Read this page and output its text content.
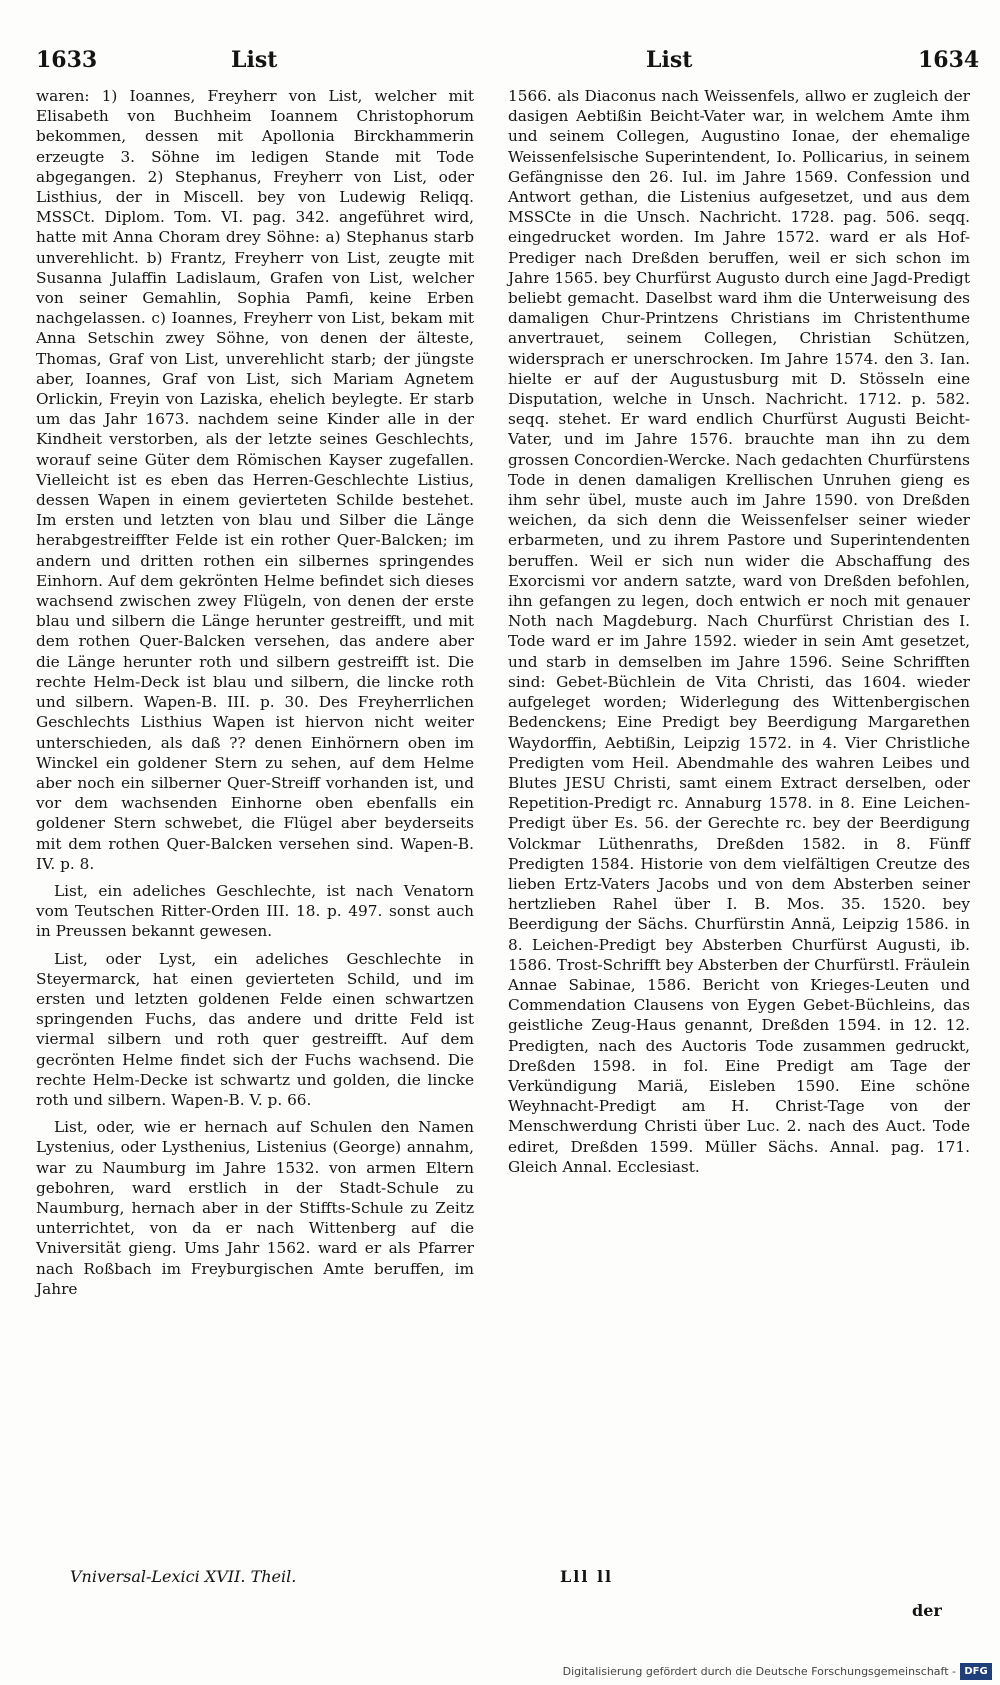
1633	List	List	1634

waren: 1) Ioannes, Freyherr von List, welcher mit Elisabeth von Buchheim Ioannem Christophorum bekommen, dessen mit Apollonia Birckhammerin erzeugte 3. Söhne im ledigen Stande mit Tode abgegangen. 2) Stephanus, Freyherr von List, oder Listhius, der in Miscell. bey von Ludewig Reliqq. MSSCt. Diplom. Tom. VI. pag. 342. angeführet wird, hatte mit Anna Choram drey Söhne: a) Stephanus starb unverehlicht. b) Frantz, Freyherr von List, zeugte mit Susanna Julaffin Ladislaum, Grafen von List, welcher von seiner Gemahlin, Sophia Pamfi, keine Erben nachgelassen. c) Ioannes, Freyherr von List, bekam mit Anna Setschin zwey Söhne, von denen der älteste, Thomas, Graf von List, unverehlicht starb; der jüngste aber, Ioannes, Graf von List, sich Mariam Agnetem Orlickin, Freyin von Laziska, ehelich beylegte. Er starb um das Jahr 1673. nachdem seine Kinder alle in der Kindheit verstorben, als der letzte seines Geschlechts, worauf seine Güter dem Römischen Kayser zugefallen. Vielleicht ist es eben das Herren-Geschlechte Listius, dessen Wapen in einem gevierteten Schilde bestehet. Im ersten und letzten von blau und Silber die Länge herabgestreiffter Felde ist ein rother Quer-Balcken; im andern und dritten rothen ein silbernes springendes Einhorn. Auf dem gekrönten Helme befindet sich dieses wachsend zwischen zwey Flügeln, von denen der erste blau und silbern die Länge herunter gestreifft, und mit dem rothen Quer-Balcken versehen, das andere aber die Länge herunter roth und silbern gestreifft ist. Die rechte Helm-Deck ist blau und silbern, die lincke roth und silbern. Wapen-B. III. p. 30. Des Freyherrlichen Geschlechts Listhius Wapen ist hiervon nicht weiter unterschieden, als daß ?? denen Einhörnern oben im Winckel ein goldener Stern zu sehen, auf dem Helme aber noch ein silberner Quer-Streiff vorhanden ist, und vor dem wachsenden Einhorne oben ebenfalls ein goldener Stern schwebet, die Flügel aber beyderseits mit dem rothen Quer-Balcken versehen sind. Wapen-B. IV. p. 8.

List, ein adeliches Geschlechte, ist nach Venatorn vom Teutschen Ritter-Orden III. 18. p. 497. sonst auch in Preussen bekannt gewesen.

List, oder Lyst, ein adeliches Geschlechte in Steyermarck, hat einen gevierteten Schild, und im ersten und letzten goldenen Felde einen schwartzen springenden Fuchs, das andere und dritte Feld ist viermal silbern und roth quer gestreifft. Auf dem gecrönten Helme findet sich der Fuchs wachsend. Die rechte Helm-Decke ist schwartz und golden, die lincke roth und silbern. Wapen-B. V. p. 66.

List, oder, wie er hernach auf Schulen den Namen Lystenius, oder Lysthenius, Listenius (George) annahm, war zu Naumburg im Jahre 1532. von armen Eltern gebohren, ward erstlich in der Stadt-Schule zu Naumburg, hernach aber in der Stiffts-Schule zu Zeitz unterrichtet, von da er nach Wittenberg auf die Vniversität gieng. Ums Jahr 1562. ward er als Pfarrer nach Roßbach im Freyburgischen Amte beruffen, im Jahre

1566. als Diaconus nach Weissenfels, allwo er zugleich der dasigen Aebtißin Beicht-Vater war, in welchem Amte ihm und seinem Collegen, Augustino Ionae, der ehemalige Weissenfelsische Superintendent, Io. Pollicarius, in seinem Gefängnisse den 26. Iul. im Jahre 1569. Confession und Antwort gethan, die Listenius aufgesetzet, und aus dem MSSCte in die Unsch. Nachricht. 1728. pag. 506. seqq. eingedrucket worden. Im Jahre 1572. ward er als Hof-Prediger nach Dreßden beruffen, weil er sich schon im Jahre 1565. bey Churfürst Augusto durch eine Jagd-Predigt beliebt gemacht. Daselbst ward ihm die Unterweisung des damaligen Chur-Printzens Christians im Christenthume anvertrauet, seinem Collegen, Christian Schützen, widersprach er unerschrocken. Im Jahre 1574. den 3. Ian. hielte er auf der Augustusburg mit D. Stösseln eine Disputation, welche in Unsch. Nachricht. 1712. p. 582. seqq. stehet. Er ward endlich Churfürst Augusti Beicht-Vater, und im Jahre 1576. brauchte man ihn zu dem grossen Concordien-Wercke. Nach gedachten Churfürstens Tode in denen damaligen Krellischen Unruhen gieng es ihm sehr übel, muste auch im Jahre 1590. von Dreßden weichen, da sich denn die Weissenfelser seiner wieder erbarmeten, und zu ihrem Pastore und Superintendenten beruffen. Weil er sich nun wider die Abschaffung des Exorcismi vor andern satzte, ward von Dreßden befohlen, ihn gefangen zu legen, doch entwich er noch mit genauer Noth nach Magdeburg. Nach Churfürst Christian des I. Tode ward er im Jahre 1592. wieder in sein Amt gesetzet, und starb in demselben im Jahre 1596. Seine Schrifften sind: Gebet-Büchlein de Vita Christi, das 1604. wieder aufgeleget worden; Widerlegung des Wittenbergischen Bedenckens; Eine Predigt bey Beerdigung Margarethen Waydorffin, Aebtißin, Leipzig 1572. in 4. Vier Christliche Predigten vom Heil. Abendmahle des wahren Leibes und Blutes JESU Christi, samt einem Extract derselben, oder Repetition-Predigt rc. Annaburg 1578. in 8. Eine Leichen-Predigt über Es. 56. der Gerechte rc. bey der Beerdigung Volckmar Lüthenraths, Dreßden 1582. in 8. Fünff Predigten 1584. Historie von dem vielfältigen Creutze des lieben Ertz-Vaters Jacobs und von dem Absterben seiner hertzlieben Rahel über I. B. Mos. 35. 1520. bey Beerdigung der Sächs. Churfürstin Annä, Leipzig 1586. in 8. Leichen-Predigt bey Absterben Churfürst Augusti, ib. 1586. Trost-Schrifft bey Absterben der Churfürstl. Fräulein Annae Sabinae, 1586. Bericht von Krieges-Leuten und Commendation Clausens von Eygen Gebet-Büchleins, das geistliche Zeug-Haus genannt, Dreßden 1594. in 12. 12. Predigten, nach des Auctoris Tode zusammen gedruckt, Dreßden 1598. in fol. Eine Predigt am Tage der Verkündigung Mariä, Eisleben 1590. Eine schöne Weyhnacht-Predigt am H. Christ-Tage von der Menschwerdung Christi über Luc. 2. nach des Auct. Tode ediret, Dreßden 1599. Müller Sächs. Annal. pag. 171. Gleich Annal. Ecclesiast.

Vniversal-Lexici XVII. Theil.	Lll ll
der
Digitalisierung gefördert durch die Deutsche Forschungsgemeinschaft - DFG
